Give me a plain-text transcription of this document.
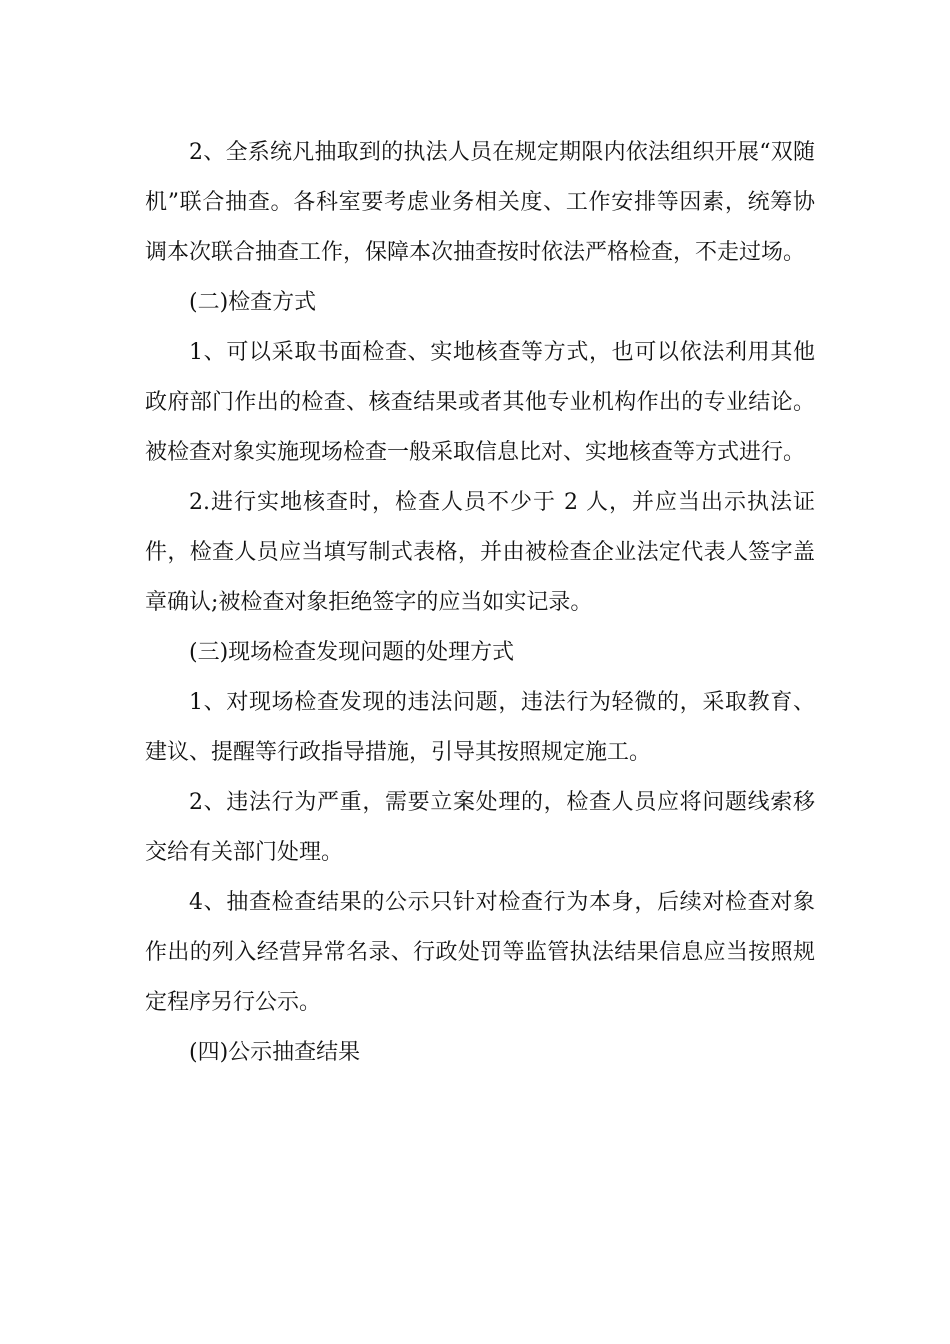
2、全系统凡抽取到的执法人员在规定期限内依法组织开展“双随机”联合抽查。各科室要考虑业务相关度、工作安排等因素，统筹协调本次联合抽查工作，保障本次抽查按时依法严格检查，不走过场。

(二)检查方式

1、可以采取书面检查、实地核查等方式，也可以依法利用其他政府部门作出的检查、核查结果或者其他专业机构作出的专业结论。被检查对象实施现场检查一般采取信息比对、实地核查等方式进行。

2.进行实地核查时，检查人员不少于 2 人，并应当出示执法证件，检查人员应当填写制式表格，并由被检查企业法定代表人签字盖章确认;被检查对象拒绝签字的应当如实记录。

(三)现场检查发现问题的处理方式

1、对现场检查发现的违法问题，违法行为轻微的，采取教育、建议、提醒等行政指导措施，引导其按照规定施工。

2、违法行为严重，需要立案处理的，检查人员应将问题线索移交给有关部门处理。

4、抽查检查结果的公示只针对检查行为本身，后续对检查对象作出的列入经营异常名录、行政处罚等监管执法结果信息应当按照规定程序另行公示。

(四)公示抽查结果
